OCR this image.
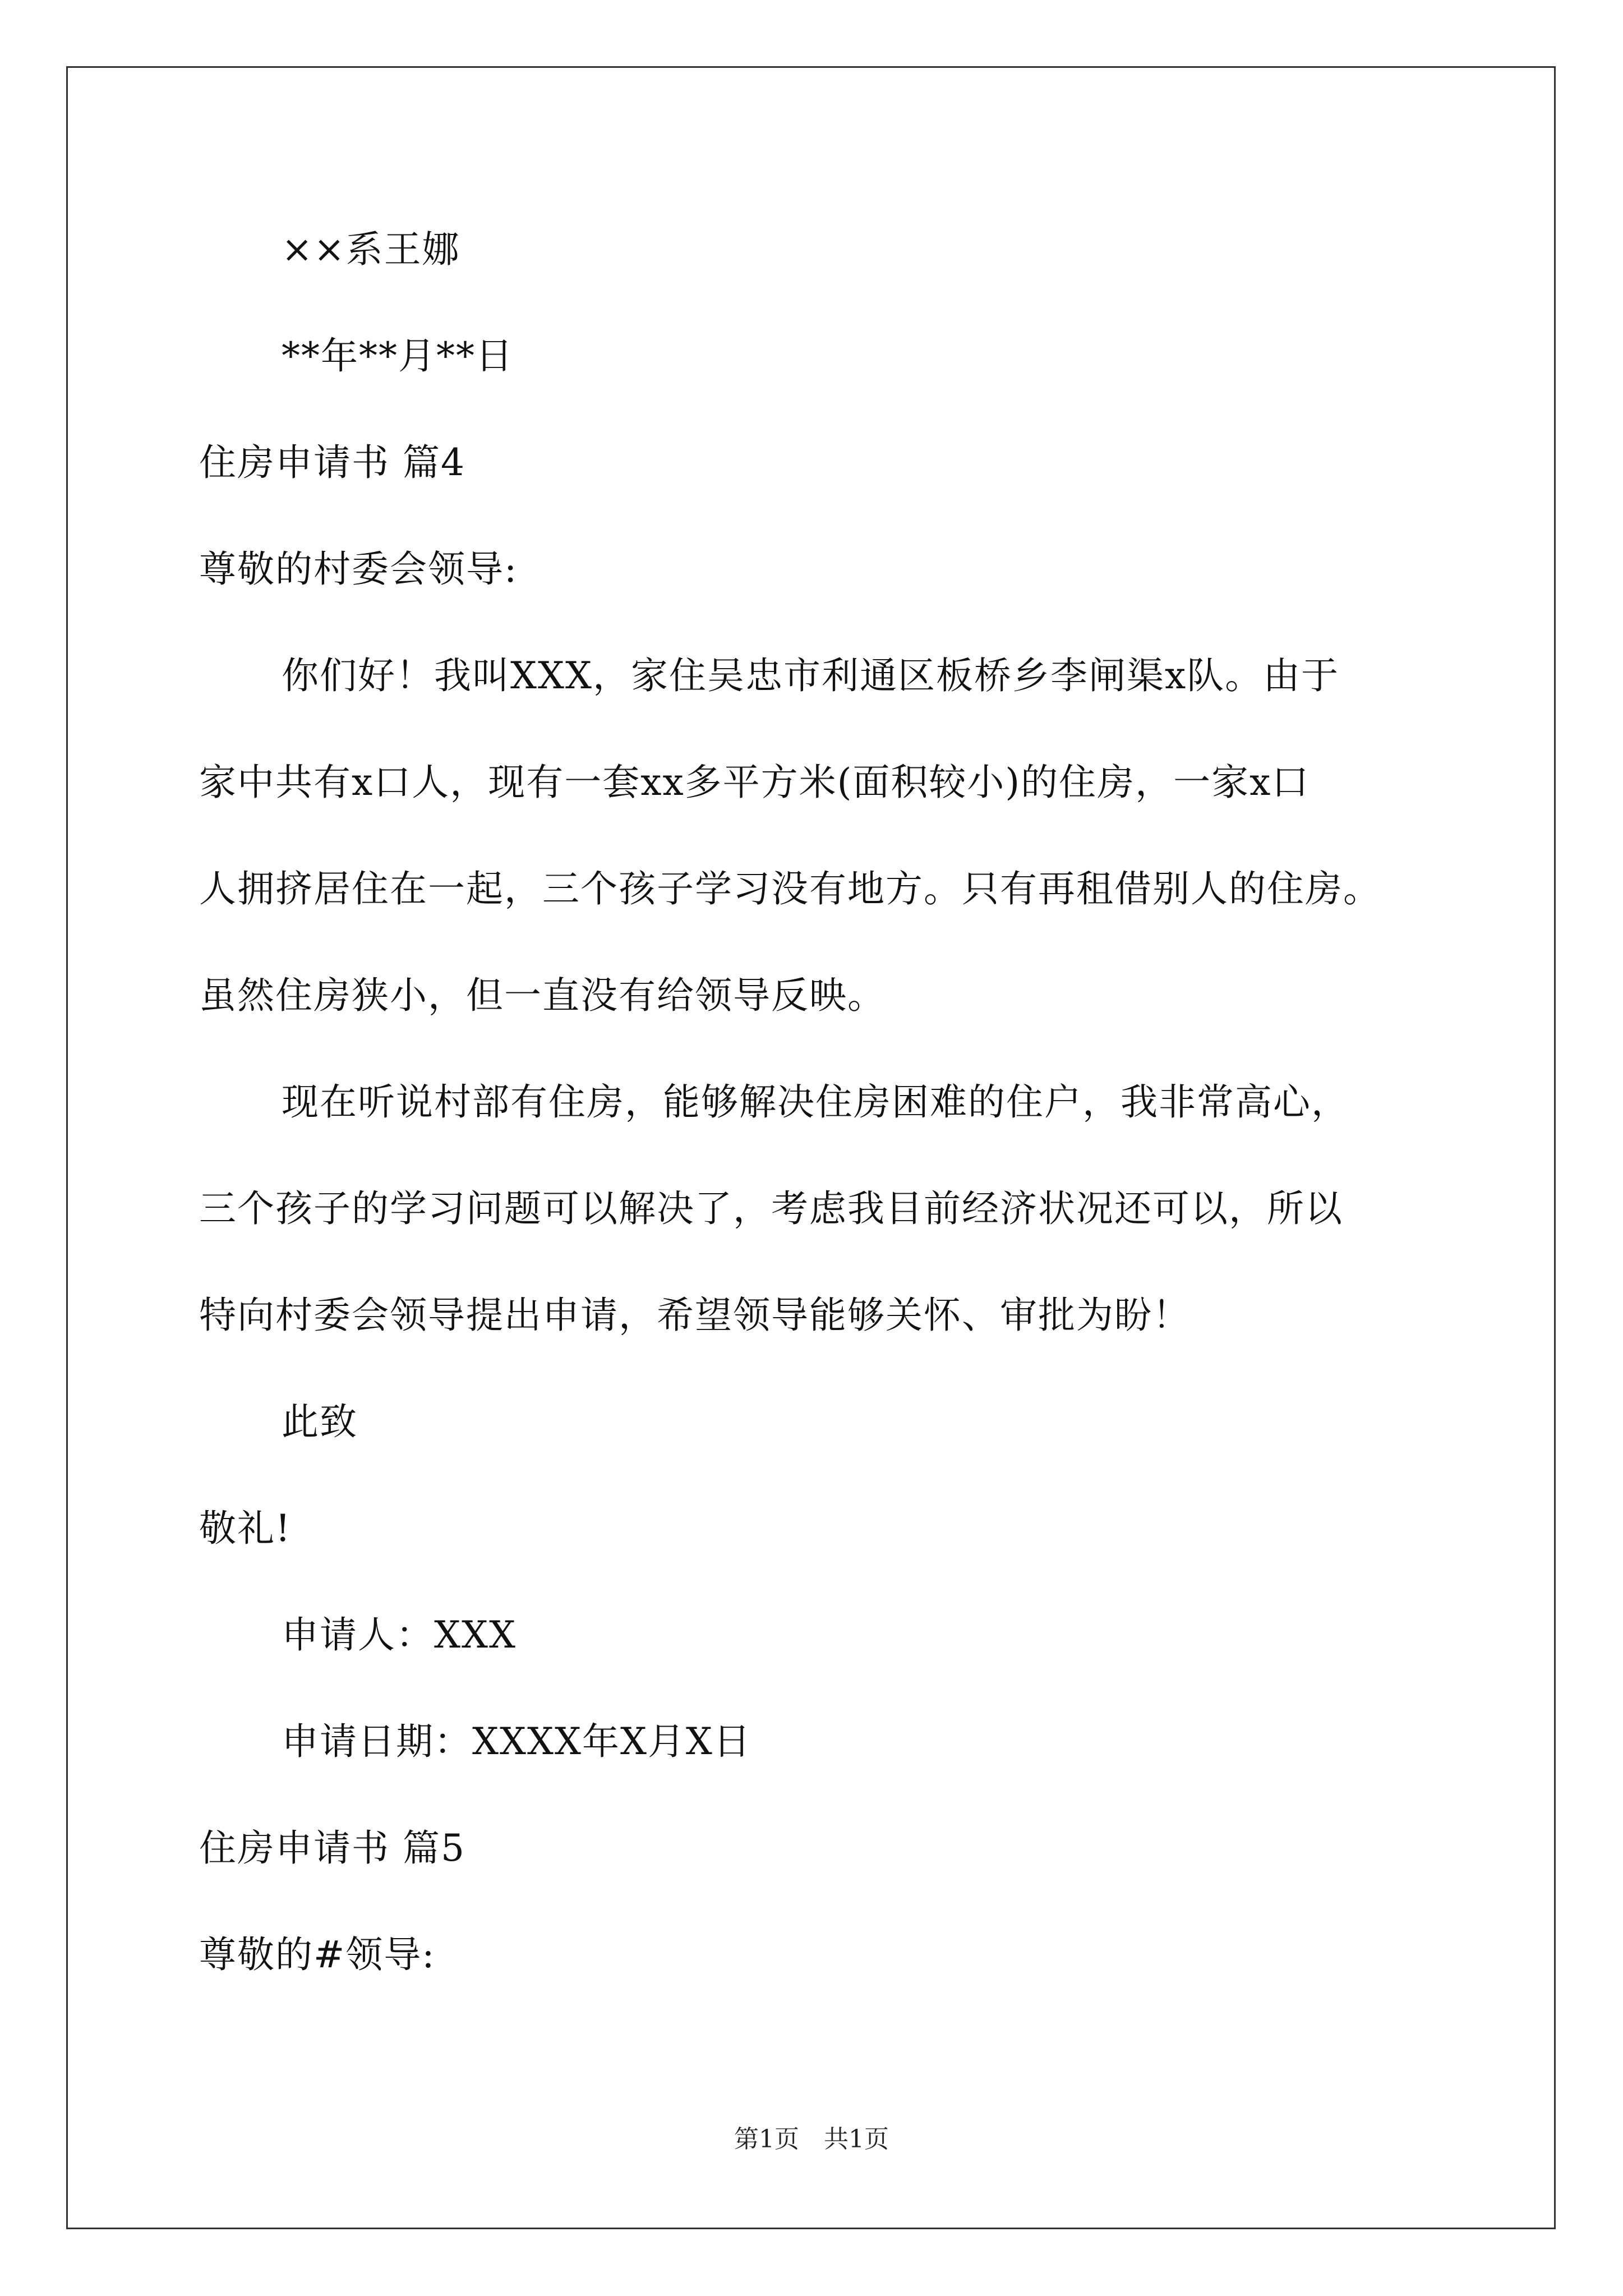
××系王娜
**年**月**日
住房申请书 篇4
尊敬的村委会领导:
你们好！我叫XXX，家住吴忠市利通区板桥乡李闸渠x队。由于
家中共有x口人，现有一套xx多平方米(面积较小)的住房，一家x口
人拥挤居住在一起，三个孩子学习没有地方。只有再租借别人的住房。
虽然住房狭小，但一直没有给领导反映。
现在听说村部有住房，能够解决住房困难的住户，我非常高心，
三个孩子的学习问题可以解决了，考虑我目前经济状况还可以，所以
特向村委会领导提出申请，希望领导能够关怀、审批为盼！
此致
敬礼!
申请人：XXX
申请日期：XXXX年X月X日
住房申请书 篇5
尊敬的#领导:
第1页　共1页
